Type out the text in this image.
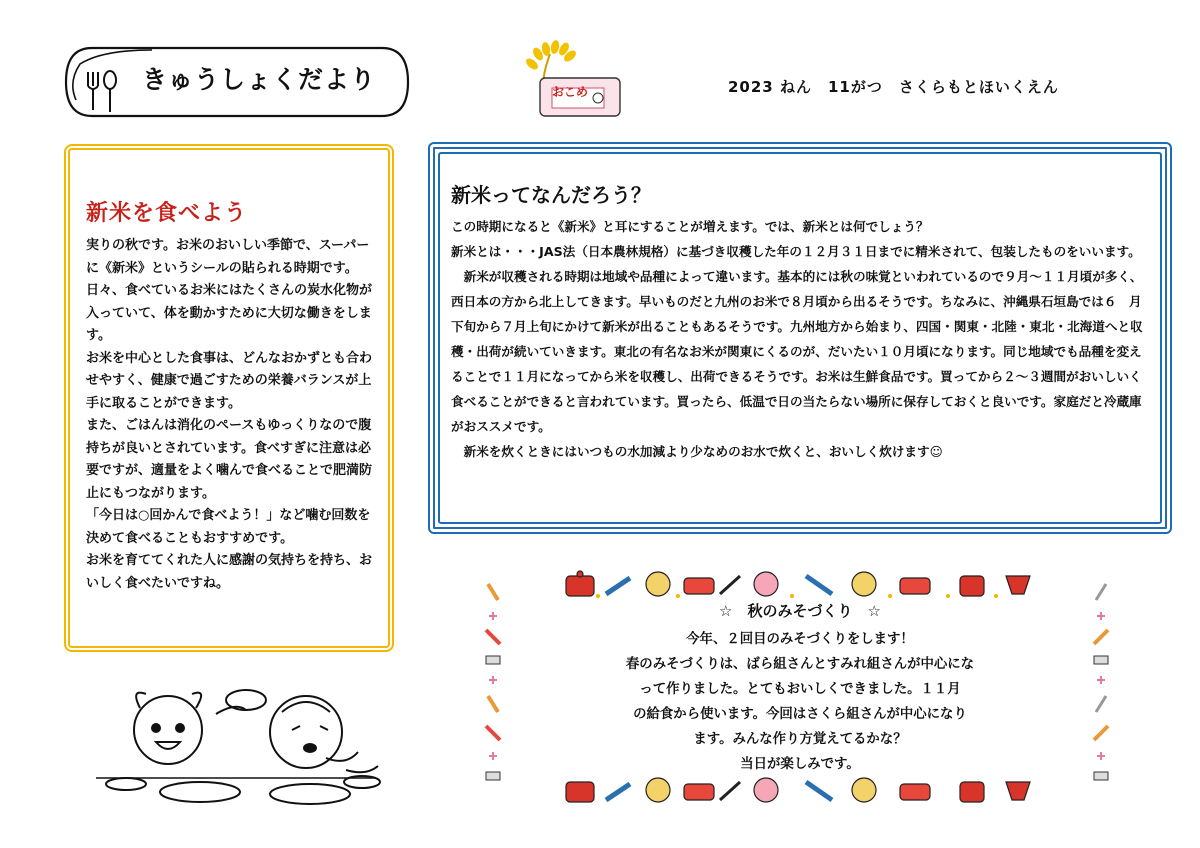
きゅうしょくだより	おこめ	2023 ねん　11がつ　さくらもとほいくえん
新米を食べよう

実りの秋です。お米のおいしい季節で、スーパーに《新米》というシールの貼られる時期です。

日々、食べているお米にはたくさんの炭水化物が入っていて、体を動かすために大切な働きをします。

お米を中心とした食事は、どんなおかずとも合わせやすく、健康で過ごすための栄養バランスが上手に取ることができます。

また、ごはんは消化のペースもゆっくりなので腹持ちが良いとされています。食べすぎに注意は必要ですが、適量をよく噛んで食べることで肥満防止にもつながります。

「今日は○回かんで食べよう！」など噛む回数を決めて食べることもおすすめです。

お米を育ててくれた人に感謝の気持ちを持ち、おいしく食べたいですね。

新米ってなんだろう？

この時期になると《新米》と耳にすることが増えます。では、新米とは何でしょう？

新米とは・・・JAS法（日本農林規格）に基づき収穫した年の１２月３１日までに精米されて、包装したものをいいます。

　新米が収穫される時期は地域や品種によって違います。基本的には秋の味覚といわれているので９月～１１月頃が多く、西日本の方から北上してきます。早いものだと九州のお米で８月頃から出るそうです。ちなみに、沖縄県石垣島では６　月下旬から７月上旬にかけて新米が出ることもあるそうです。九州地方から始まり、四国・関東・北陸・東北・北海道へと収穫・出荷が続いていきます。東北の有名なお米が関東にくるのが、だいたい１０月頃になります。同じ地域でも品種を変えることで１１月になってから米を収穫し、出荷できるそうです。お米は生鮮食品です。買ってから２～３週間がおいしいく食べることができると言われています。買ったら、低温で日の当たらない場所に保存しておくと良いです。家庭だと冷蔵庫がおススメです。

　新米を炊くときにはいつもの水加減より少なめのお水で炊くと、おいしく炊けます☺

☆　秋のみそづくり　☆

今年、２回目のみそづくりをします！

春のみそづくりは、ばら組さんとすみれ組さんが中心にな

って作りました。とてもおいしくできました。１１月

の給食から使います。今回はさくら組さんが中心になり

ます。みんな作り方覚えてるかな？

当日が楽しみです。
